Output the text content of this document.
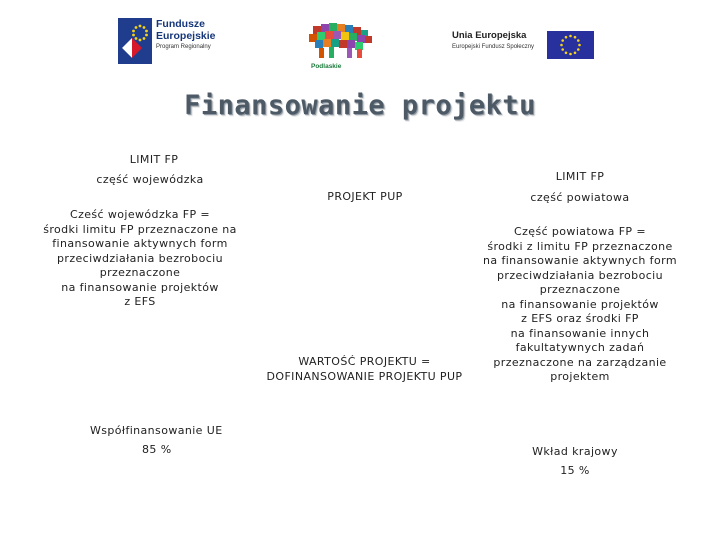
Fundusze
Europejskie
Program Regionalny
Podlaskie
Unia Europejska
Europejski Fundusz Społeczny
Finansowanie projektu
LIMIT FP
część wojewódzka
Cześć wojewódzka FP =
środki limitu FP przeznaczone na
finansowanie aktywnych form
przeciwdziałania bezrobociu
przeznaczone
na finansowanie projektów
z EFS
Współfinansowanie UE
85 %
PROJEKT PUP
WARTOŚĆ PROJEKTU =
DOFINANSOWANIE PROJEKTU PUP
LIMIT FP
część powiatowa
Część powiatowa FP =
środki z limitu FP przeznaczone
na finansowanie aktywnych form
przeciwdziałania bezrobociu
przeznaczone
na finansowanie projektów
z EFS oraz środki FP
na finansowanie innych
fakultatywnych zadań
przeznaczone na zarządzanie
projektem
Wkład krajowy
15 %
